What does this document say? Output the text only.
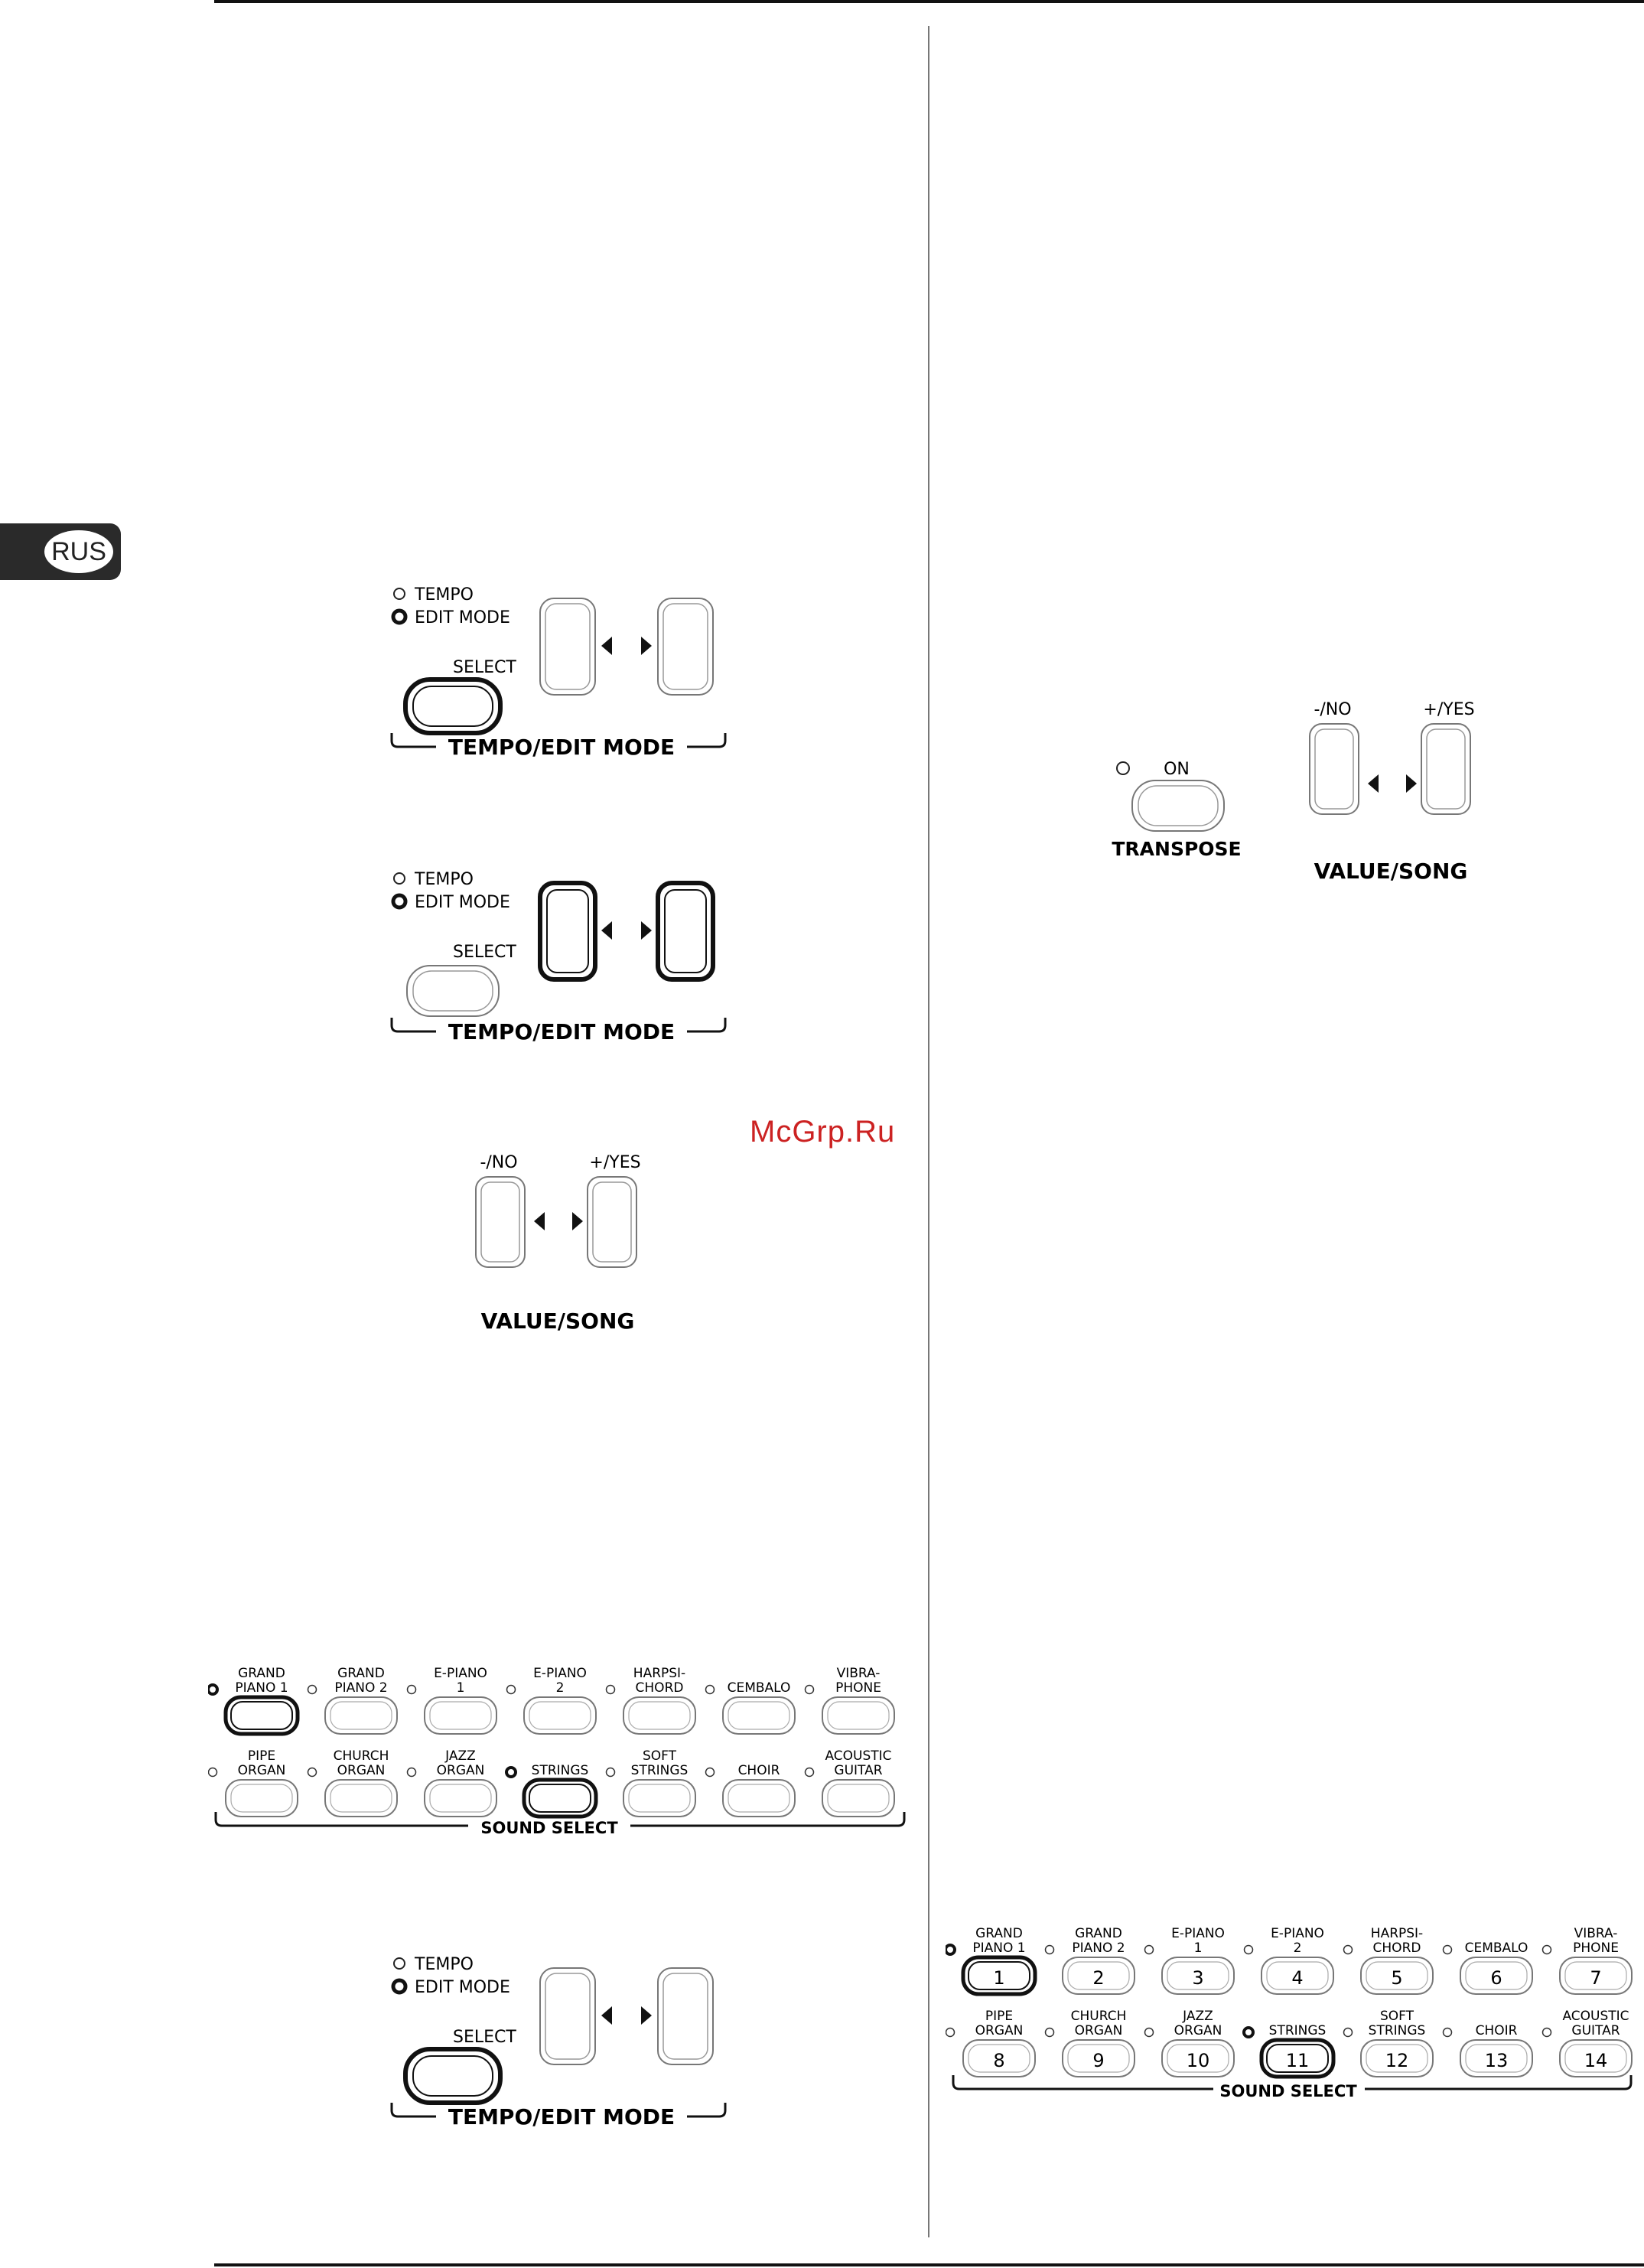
RUS
McGrp.Ru
TEMPO
EDIT MODE
SELECT
TEMPO/EDIT MODE
TEMPO
EDIT MODE
SELECT
TEMPO/EDIT MODE
-/NO	+/YES
VALUE/SONG
GRAND
PIANO 1
GRAND
PIANO 2
E-PIANO
1
E-PIANO
2
HARPSI-
CHORD	CEMBALO
VIBRA-
PHONE
PIPE
ORGAN
CHURCH
ORGAN
JAZZ
ORGAN	STRINGS
SOFT
STRINGS	CHOIR
ACOUSTIC
GUITAR
SOUND SELECT
TEMPO
EDIT MODE
SELECT
TEMPO/EDIT MODE
ON
TRANSPOSE
-/NO	+/YES
VALUE/SONG
GRAND
PIANO 1
1
GRAND
PIANO 2
2
E-PIANO
1
3
E-PIANO
2
4
HARPSI-
CHORD
5
CEMBALO
6
VIBRA-
PHONE
7
PIPE
ORGAN
8
CHURCH
ORGAN
9
JAZZ
ORGAN
10
STRINGS
11
SOFT
STRINGS
12
CHOIR
13
ACOUSTIC
GUITAR
14
SOUND SELECT
